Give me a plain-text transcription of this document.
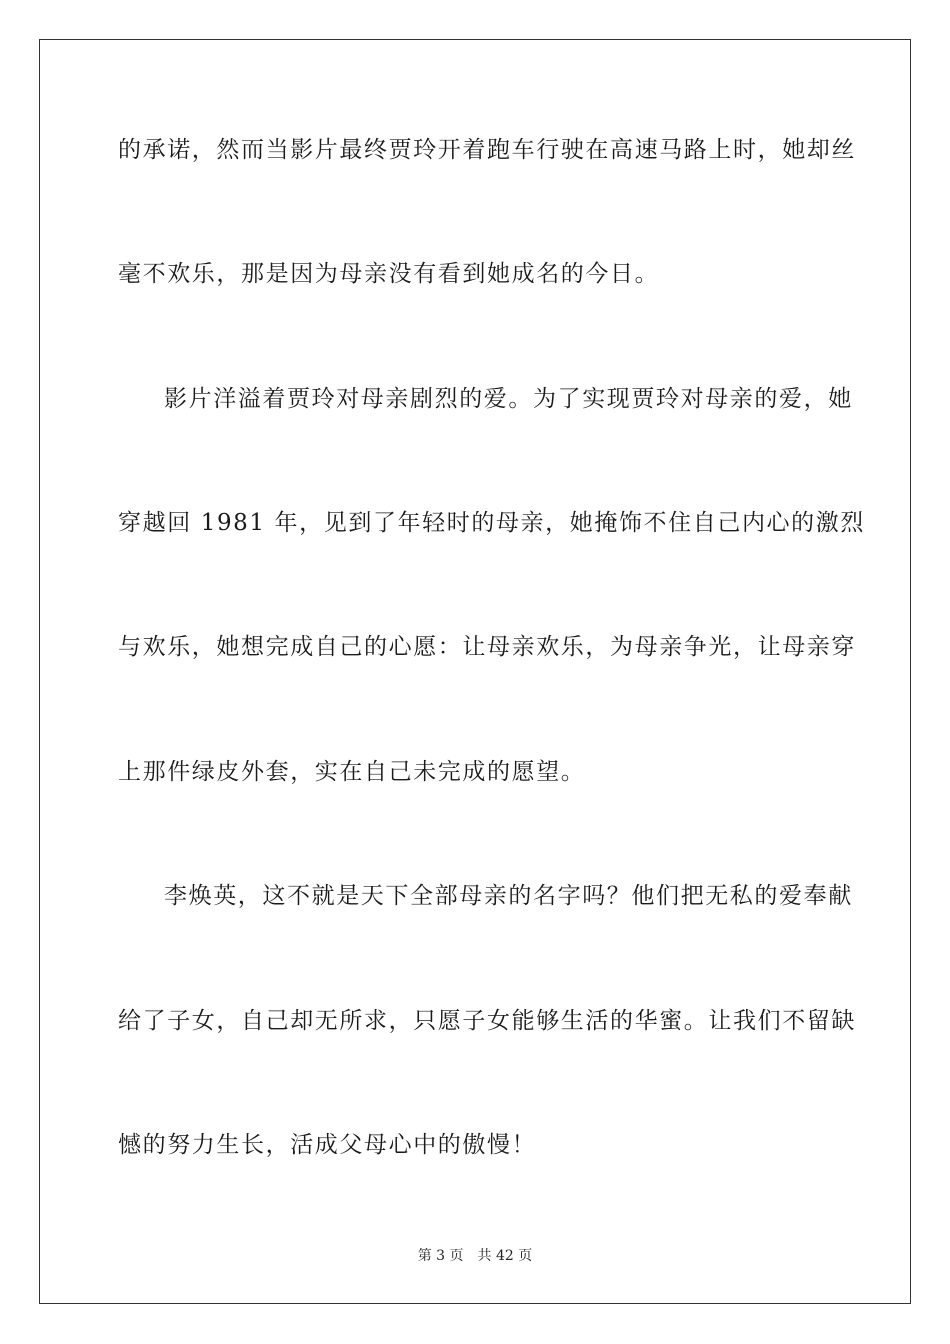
的承诺，然而当影片最终贾玲开着跑车行驶在高速马路上时，她却丝
毫不欢乐，那是因为母亲没有看到她成名的今日。
影片洋溢着贾玲对母亲剧烈的爱。为了实现贾玲对母亲的爱，她
穿越回 1981 年，见到了年轻时的母亲，她掩饰不住自己内心的激烈
与欢乐，她想完成自己的心愿：让母亲欢乐，为母亲争光，让母亲穿
上那件绿皮外套，实在自己未完成的愿望。
李焕英，这不就是天下全部母亲的名字吗？他们把无私的爱奉献
给了子女，自己却无所求，只愿子女能够生活的华蜜。让我们不留缺
憾的努力生长，活成父母心中的傲慢！
第 3 页 共 42 页
